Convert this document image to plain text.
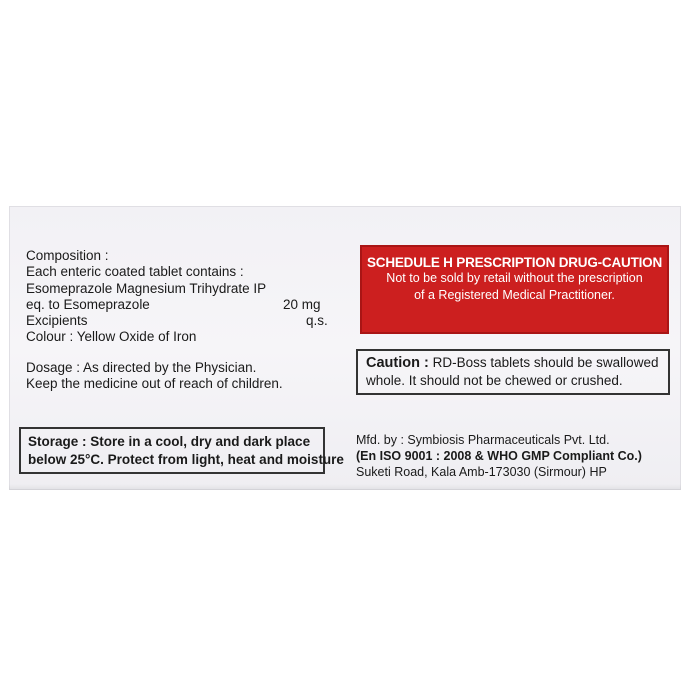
Composition :
Each enteric coated tablet contains :
Esomeprazole Magnesium Trihydrate IP
eq. to Esomeprazole	20 mg
Excipients	q.s.
Colour : Yellow Oxide of Iron
Dosage : As directed by the Physician.
Keep the medicine out of reach of children.
SCHEDULE H PRESCRIPTION DRUG-CAUTION
Not to be sold by retail without the prescription
of a Registered Medical Practitioner.
Caution : RD-Boss tablets should be swallowed
whole. It should not be chewed or crushed.
Storage : Store in a cool, dry and dark place
below 25°C. Protect from light, heat and moisture
Mfd. by : Symbiosis Pharmaceuticals Pvt. Ltd.
(En ISO 9001 : 2008 & WHO GMP Compliant Co.)
Suketi Road, Kala Amb-173030 (Sirmour) HP
